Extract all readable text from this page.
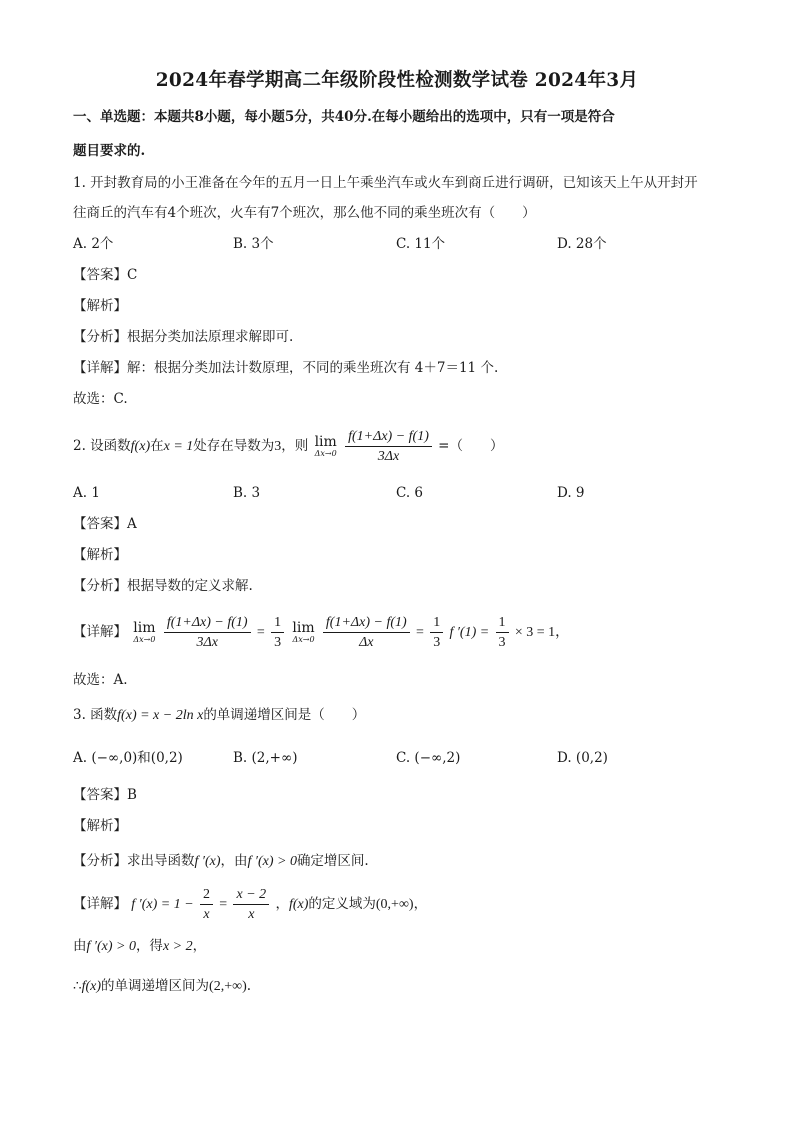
2024年春学期高二年级阶段性检测数学试卷 2024年3月
一、单选题：本题共8小题，每小题5分，共40分.在每小题给出的选项中，只有一项是符合
题目要求的.
1. 开封教育局的小王准备在今年的五月一日上午乘坐汽车或火车到商丘进行调研，已知该天上午从开封开
往商丘的汽车有4个班次，火车有7个班次，那么他不同的乘坐班次有（　　）
A. 2个	B. 3个	C. 11个	D. 28个
【答案】C
【解析】
【分析】根据分类加法原理求解即可.
【详解】解：根据分类加法计数原理，不同的乘坐班次有 4＋7＝11 个.
故选：C.
2. 设函数f(x)在x = 1处存在导数为3，则 lim
Δx→0
$\frac{f(1+\Delta x) - f(1)}{3\Delta x}$ =（　　）
A. 1	B. 3	C. 6	D. 9
【答案】A
【解析】
【分析】根据导数的定义求解.
【详解】 lim
Δx→0
$\frac{f(1+\Delta x) - f(1)}{3\Delta x} = \frac{1}{3}$
lim
Δx→0
$\frac{f(1+\Delta x) - f(1)}{\Delta x} = \frac{1}{3}$ f $'(1) = \frac{1}{3} \times 3 = 1$，
故选：A.
3. 函数f(x) = x − 2ln x的单调递增区间是（　　）
A. (−∞,0)和(0,2)	B. (2,+∞)	C. (−∞,2)	D. (0,2)
【答案】B
【解析】
【分析】求出导函数f ′(x)，由f ′(x) > 0确定增区间.
【详解】 f $'(x) = 1 - \frac{2}{x} = \frac{x - 2}{x}$ ，f(x)的定义域为(0,+∞)，
由f ′(x) > 0，得x > 2，
∴f(x)的单调递增区间为(2,+∞).
